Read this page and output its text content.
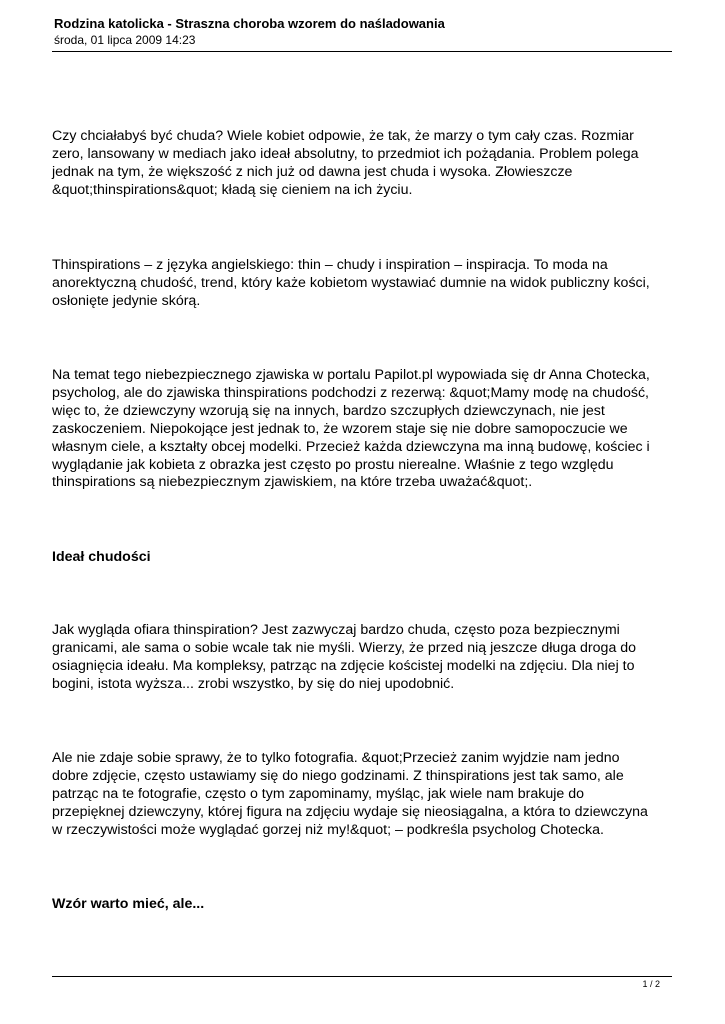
Rodzina katolicka - Straszna choroba wzorem do naśladowania
środa, 01 lipca 2009 14:23

Czy chciałabyś być chuda? Wiele kobiet odpowie, że tak, że marzy o tym cały czas. Rozmiar
zero, lansowany w mediach jako ideał absolutny, to przedmiot ich pożądania. Problem polega
jednak na tym, że większość z nich już od dawna jest chuda i wysoka. Złowieszcze
&quot;thinspirations&quot; kładą się cieniem na ich życiu.

Thinspirations – z języka angielskiego: thin – chudy i inspiration – inspiracja. To moda na
anorektyczną chudość, trend, który każe kobietom wystawiać dumnie na widok publiczny kości,
osłonięte jedynie skórą.

Na temat tego niebezpiecznego zjawiska w portalu Papilot.pl wypowiada się dr Anna Chotecka,
psycholog, ale do zjawiska thinspirations podchodzi z rezerwą: &quot;Mamy modę na chudość,
więc to, że dziewczyny wzorują się na innych, bardzo szczupłych dziewczynach, nie jest
zaskoczeniem. Niepokojące jest jednak to, że wzorem staje się nie dobre samopoczucie we
własnym ciele, a kształty obcej modelki. Przecież każda dziewczyna ma inną budowę, kościec i
wyglądanie jak kobieta z obrazka jest często po prostu nierealne. Właśnie z tego względu
thinspirations są niebezpiecznym zjawiskiem, na które trzeba uważać&quot;.

Ideał chudości

Jak wygląda ofiara thinspiration? Jest zazwyczaj bardzo chuda, często poza bezpiecznymi
granicami, ale sama o sobie wcale tak nie myśli. Wierzy, że przed nią jeszcze długa droga do
osiagnięcia ideału. Ma kompleksy, patrząc na zdjęcie kościstej modelki na zdjęciu. Dla niej to
bogini, istota wyższa... zrobi wszystko, by się do niej upodobnić.

Ale nie zdaje sobie sprawy, że to tylko fotografia. &quot;Przecież zanim wyjdzie nam jedno
dobre zdjęcie, często ustawiamy się do niego godzinami. Z thinspirations jest tak samo, ale
patrząc na te fotografie, często o tym zapominamy, myśląc, jak wiele nam brakuje do
przepięknej dziewczyny, której figura na zdjęciu wydaje się nieosiągalna, a która to dziewczyna
w rzeczywistości może wyglądać gorzej niż my!&quot; – podkreśla psycholog Chotecka.

Wzór warto mieć, ale...
1 / 2
